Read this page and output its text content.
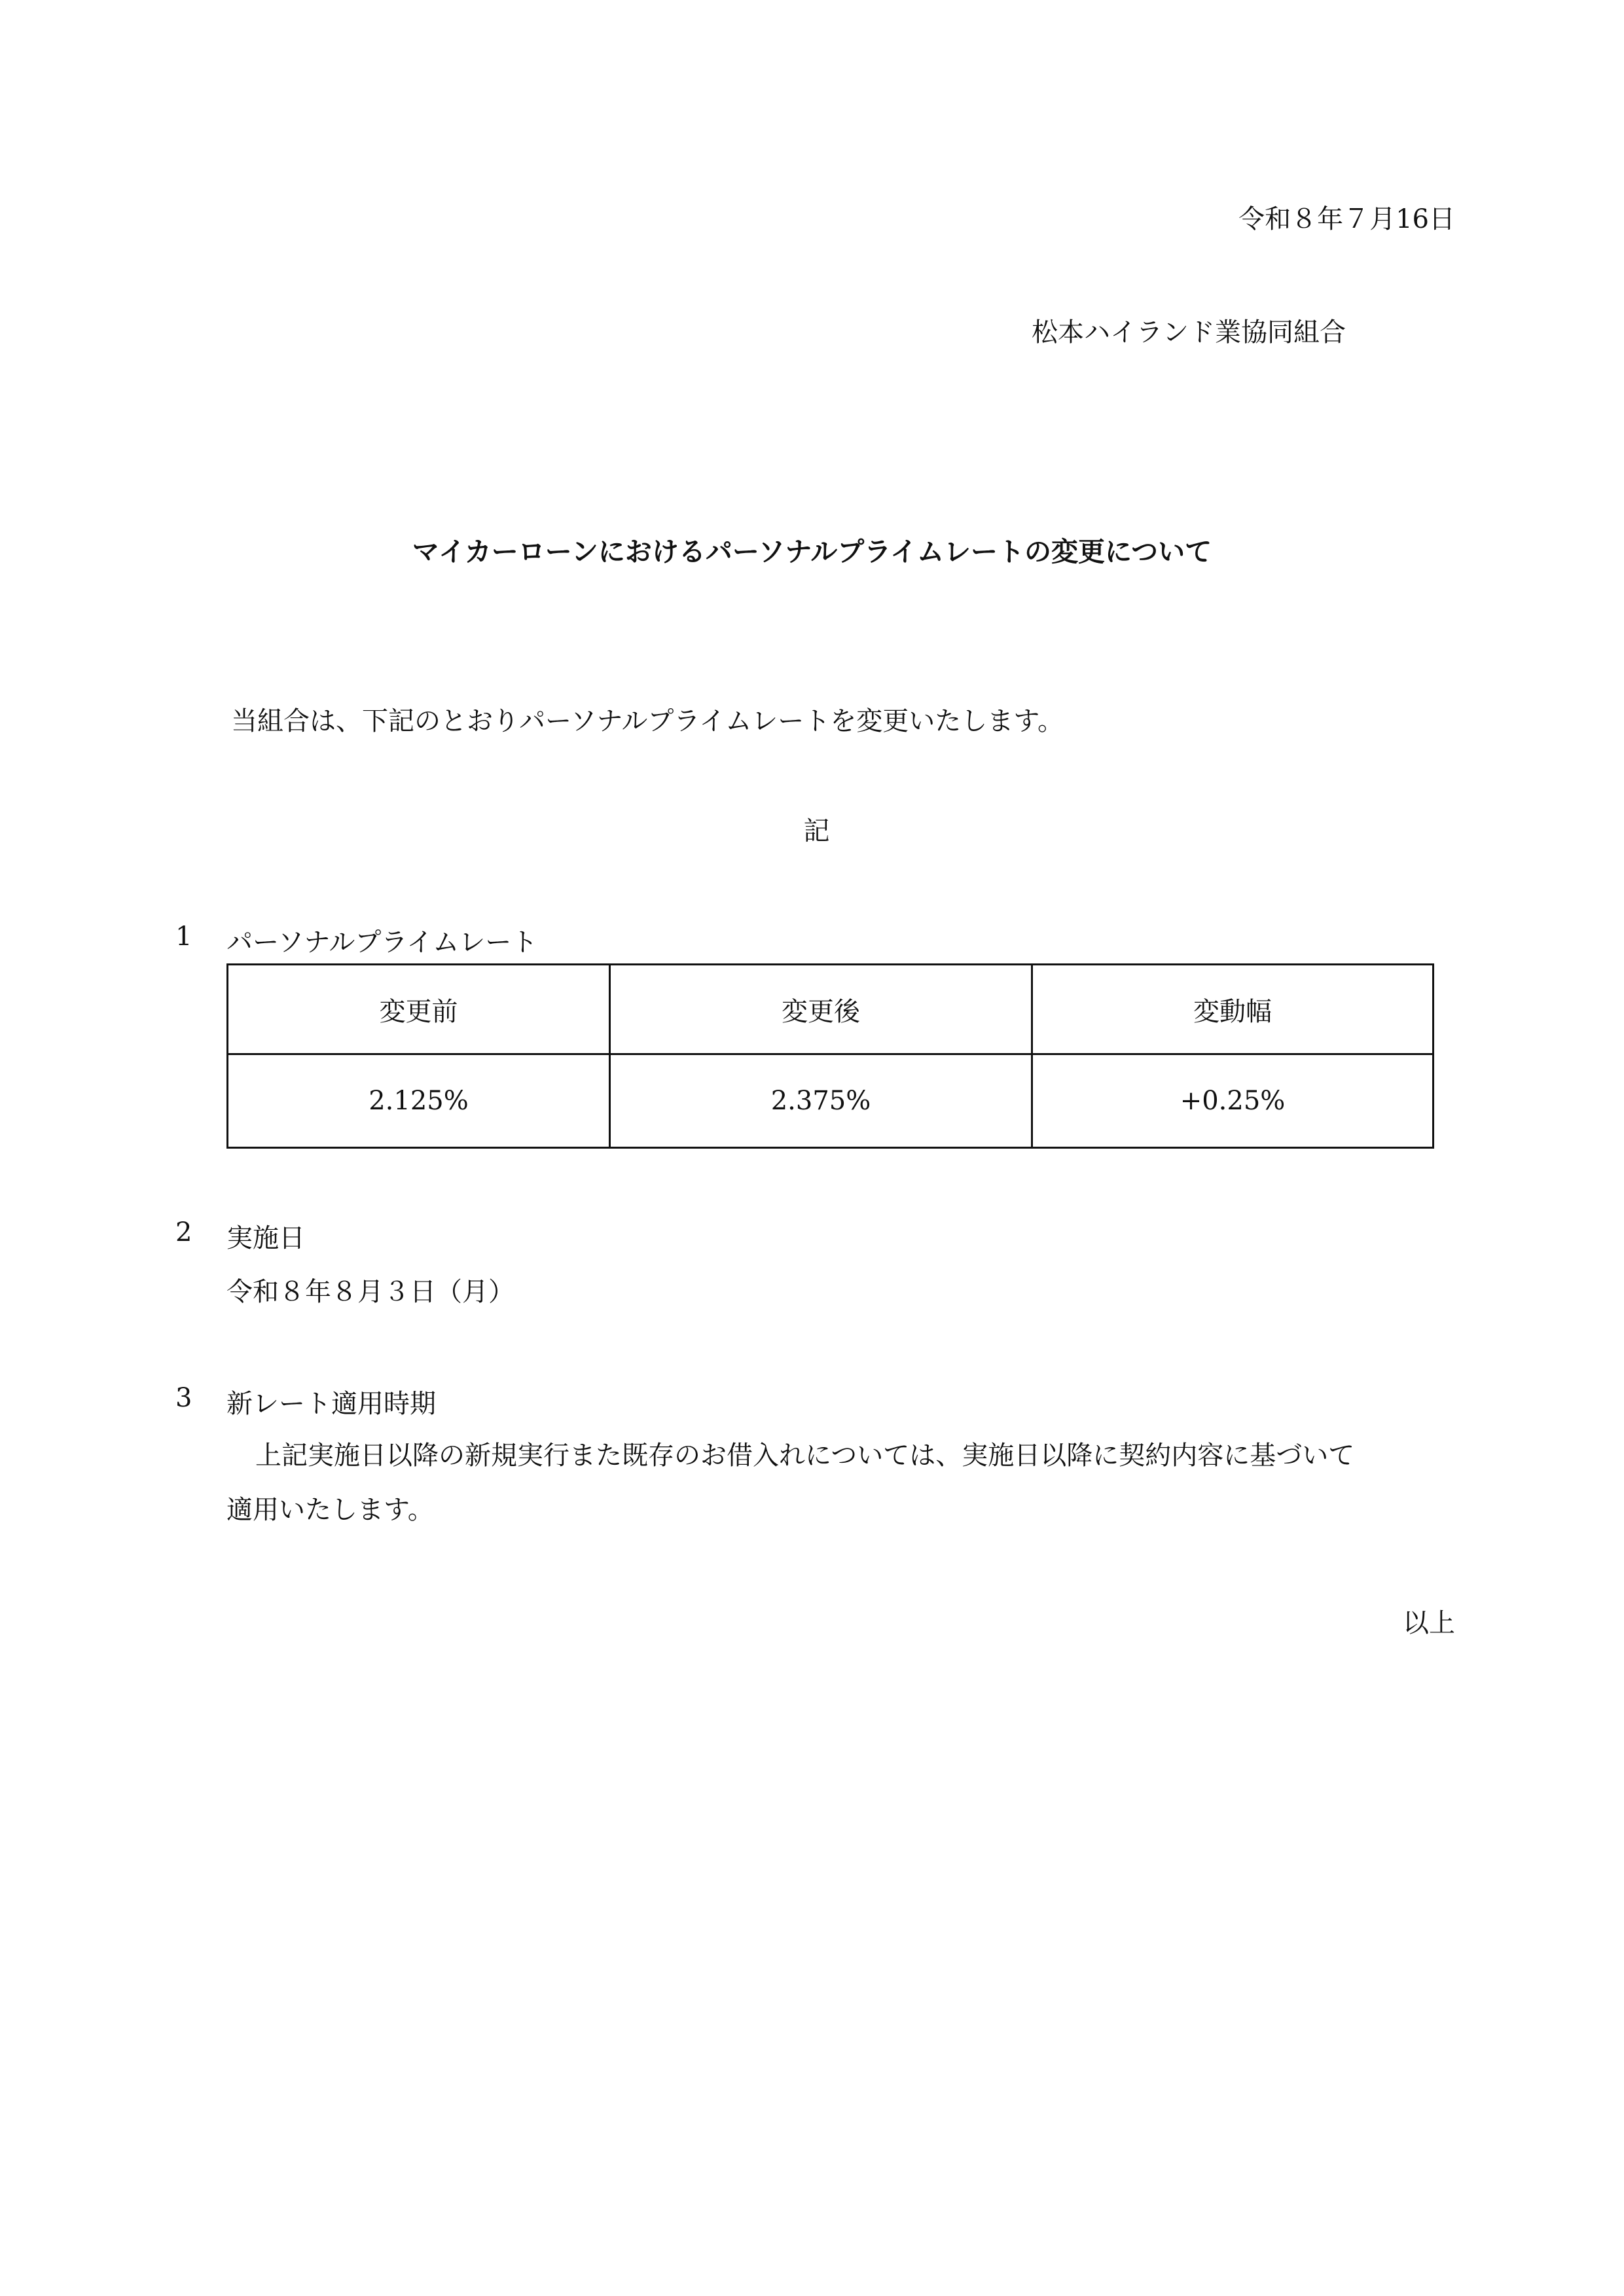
令和８年７月16日
松本ハイランド業協同組合
マイカーローンにおけるパーソナルプライムレートの変更について
当組合は、下記のとおりパーソナルプライムレートを変更いたします。
記
1 パーソナルプライムレート
変更前	変更後	変動幅
2.125%	2.375%	+0.25%
2 実施日
令和８年８月３日（月）
3 新レート適用時期
上記実施日以降の新規実行また既存のお借入れについては、実施日以降に契約内容に基づいて
適用いたします。
以上
